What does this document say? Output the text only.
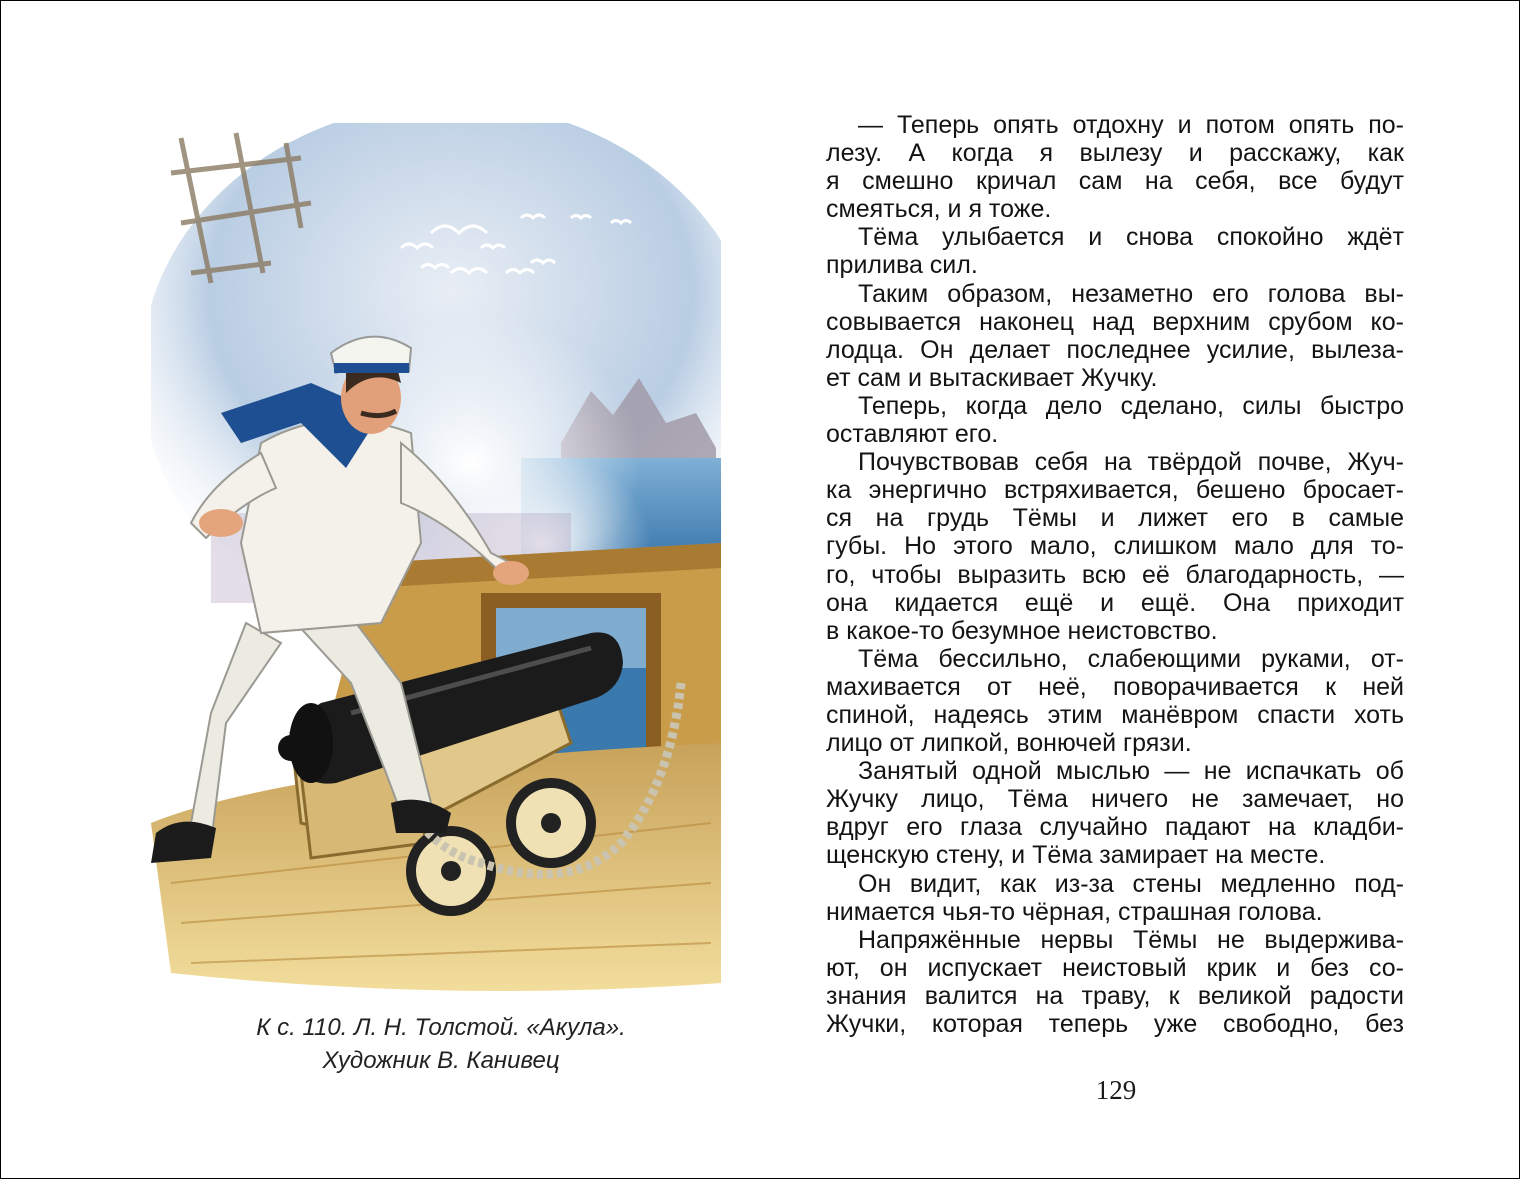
К с. 110. Л. Н. Толстой. «Акула».
Художник В. Канивец

— Теперь опять отдохну и потом опять по-
лезу. А когда я вылезу и расскажу, как
я смешно кричал сам на себя, все будут
смеяться, и я тоже.

Тёма улыбается и снова спокойно ждёт
прилива сил.

Таким образом, незаметно его голова вы-
совывается наконец над верхним срубом ко-
лодца. Он делает последнее усилие, вылеза-
ет сам и вытаскивает Жучку.

Теперь, когда дело сделано, силы быстро
оставляют его.

Почувствовав себя на твёрдой почве, Жуч-
ка энергично встряхивается, бешено бросает-
ся на грудь Тёмы и лижет его в самые
губы. Но этого мало, слишком мало для то-
го, чтобы выразить всю её благодарность, —
она кидается ещё и ещё. Она приходит
в какое-то безумное неистовство.

Тёма бессильно, слабеющими руками, от-
махивается от неё, поворачивается к ней
спиной, надеясь этим манёвром спасти хоть
лицо от липкой, вонючей грязи.

Занятый одной мыслью — не испачкать об
Жучку лицо, Тёма ничего не замечает, но
вдруг его глаза случайно падают на кладби-
щенскую стену, и Тёма замирает на месте.

Он видит, как из-за стены медленно под-
нимается чья-то чёрная, страшная голова.

Напряжённые нервы Тёмы не выдержива-
ют, он испускает неистовый крик и без со-
знания валится на траву, к великой радости
Жучки, которая теперь уже свободно, без

129
